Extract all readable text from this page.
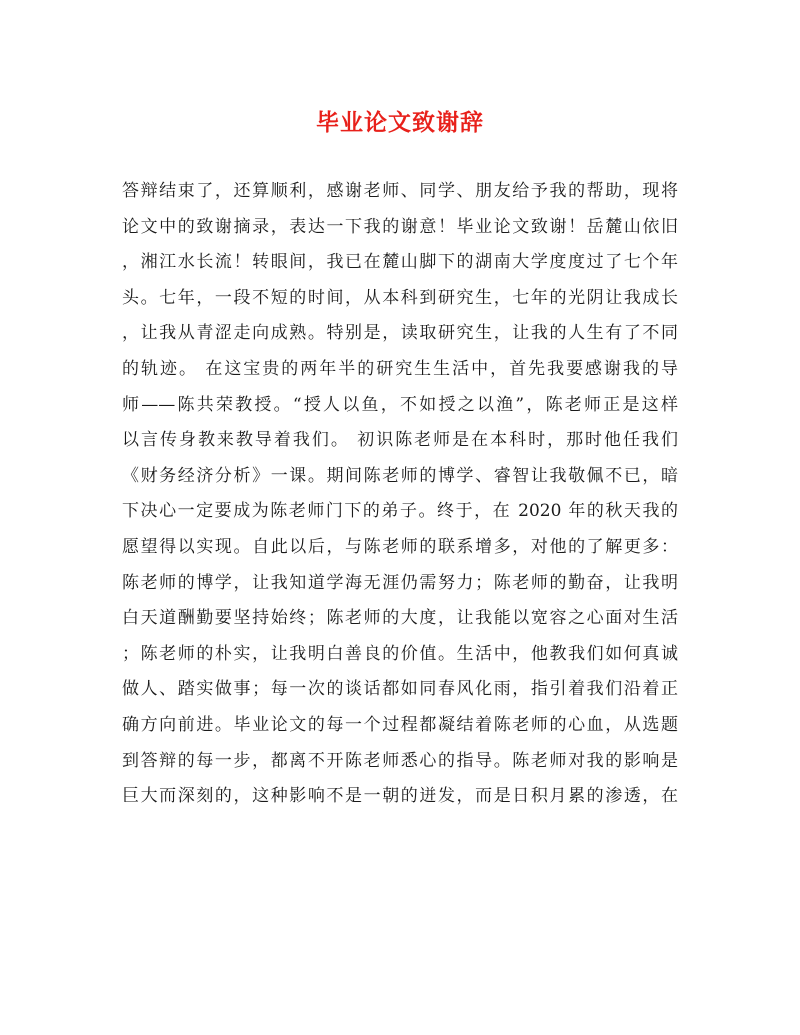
毕业论文致谢辞
答辩结束了，还算顺利，感谢老师、同学、朋友给予我的帮助，现将
论文中的致谢摘录，表达一下我的谢意！毕业论文致谢！岳麓山依旧
，湘江水长流！转眼间，我已在麓山脚下的湖南大学度度过了七个年
头。七年，一段不短的时间，从本科到研究生，七年的光阴让我成长
，让我从青涩走向成熟。特别是，读取研究生，让我的人生有了不同
的轨迹。 在这宝贵的两年半的研究生生活中，首先我要感谢我的导
师——陈共荣教授。“授人以鱼，不如授之以渔”，陈老师正是这样
以言传身教来教导着我们。 初识陈老师是在本科时，那时他任我们
《财务经济分析》一课。期间陈老师的博学、睿智让我敬佩不已，暗
下决心一定要成为陈老师门下的弟子。终于，在 2020 年的秋天我的
愿望得以实现。自此以后，与陈老师的联系增多，对他的了解更多：
陈老师的博学，让我知道学海无涯仍需努力；陈老师的勤奋，让我明
白天道酬勤要坚持始终；陈老师的大度，让我能以宽容之心面对生活
；陈老师的朴实，让我明白善良的价值。生活中，他教我们如何真诚
做人、踏实做事；每一次的谈话都如同春风化雨，指引着我们沿着正
确方向前进。毕业论文的每一个过程都凝结着陈老师的心血，从选题
到答辩的每一步，都离不开陈老师悉心的指导。陈老师对我的影响是
巨大而深刻的，这种影响不是一朝的迸发，而是日积月累的渗透，在
